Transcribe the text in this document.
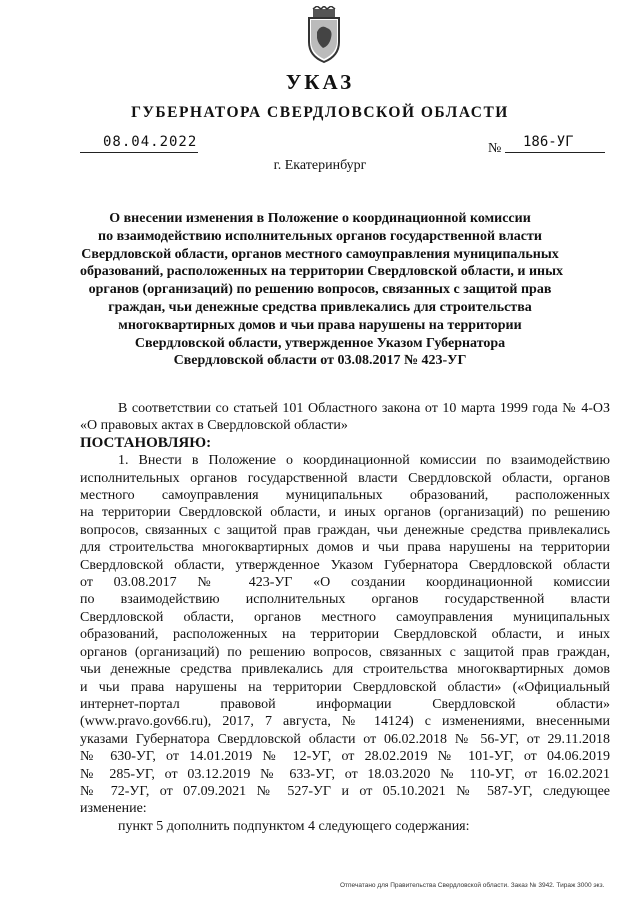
УКАЗ
ГУБЕРНАТОРА СВЕРДЛОВСКОЙ ОБЛАСТИ
08.04.2022	№ 186-УГ
г. Екатеринбург
О внесении изменения в Положение о координационной комиссии
по взаимодействию исполнительных органов государственной власти
Свердловской области, органов местного самоуправления муниципальных
образований, расположенных на территории Свердловской области, и иных
органов (организаций) по решению вопросов, связанных с защитой прав
граждан, чьи денежные средства привлекались для строительства
многоквартирных домов и чьи права нарушены на территории
Свердловской области, утвержденное Указом Губернатора
Свердловской области от 03.08.2017 № 423-УГ

В соответствии со статьей 101 Областного закона от 10 марта 1999 года № 4-ОЗ «О правовых актах в Свердловской области»

ПОСТАНОВЛЯЮ:

1. Внести в Положение о координационной комиссии по взаимодействию
исполнительных органов государственной власти Свердловской области, органов
местного самоуправления муниципальных образований, расположенных
на территории Свердловской области, и иных органов (организаций) по решению
вопросов, связанных с защитой прав граждан, чьи денежные средства привлекались
для строительства многоквартирных домов и чьи права нарушены на территории
Свердловской области, утвержденное Указом Губернатора Свердловской области
от 03.08.2017 № 423-УГ «О создании координационной комиссии
по взаимодействию исполнительных органов государственной власти
Свердловской области, органов местного самоуправления муниципальных
образований, расположенных на территории Свердловской области, и иных
органов (организаций) по решению вопросов, связанных с защитой прав граждан,
чьи денежные средства привлекались для строительства многоквартирных домов
и чьи права нарушены на территории Свердловской области» («Официальный
интернет-портал правовой информации Свердловской области»
(www.pravo.gov66.ru), 2017, 7 августа, № 14124) с изменениями, внесенными
указами Губернатора Свердловской области от 06.02.2018 № 56-УГ, от 29.11.2018
№ 630-УГ, от 14.01.2019 № 12-УГ, от 28.02.2019 № 101-УГ, от 04.06.2019
№ 285-УГ, от 03.12.2019 № 633-УГ, от 18.03.2020 № 110-УГ, от 16.02.2021
№ 72-УГ, от 07.09.2021 № 527-УГ и от 05.10.2021 № 587-УГ, следующее
изменение:

пункт 5 дополнить подпунктом 4 следующего содержания:

Отпечатано для Правительства Свердловской области. Заказ № 3942. Тираж 3000 экз.
